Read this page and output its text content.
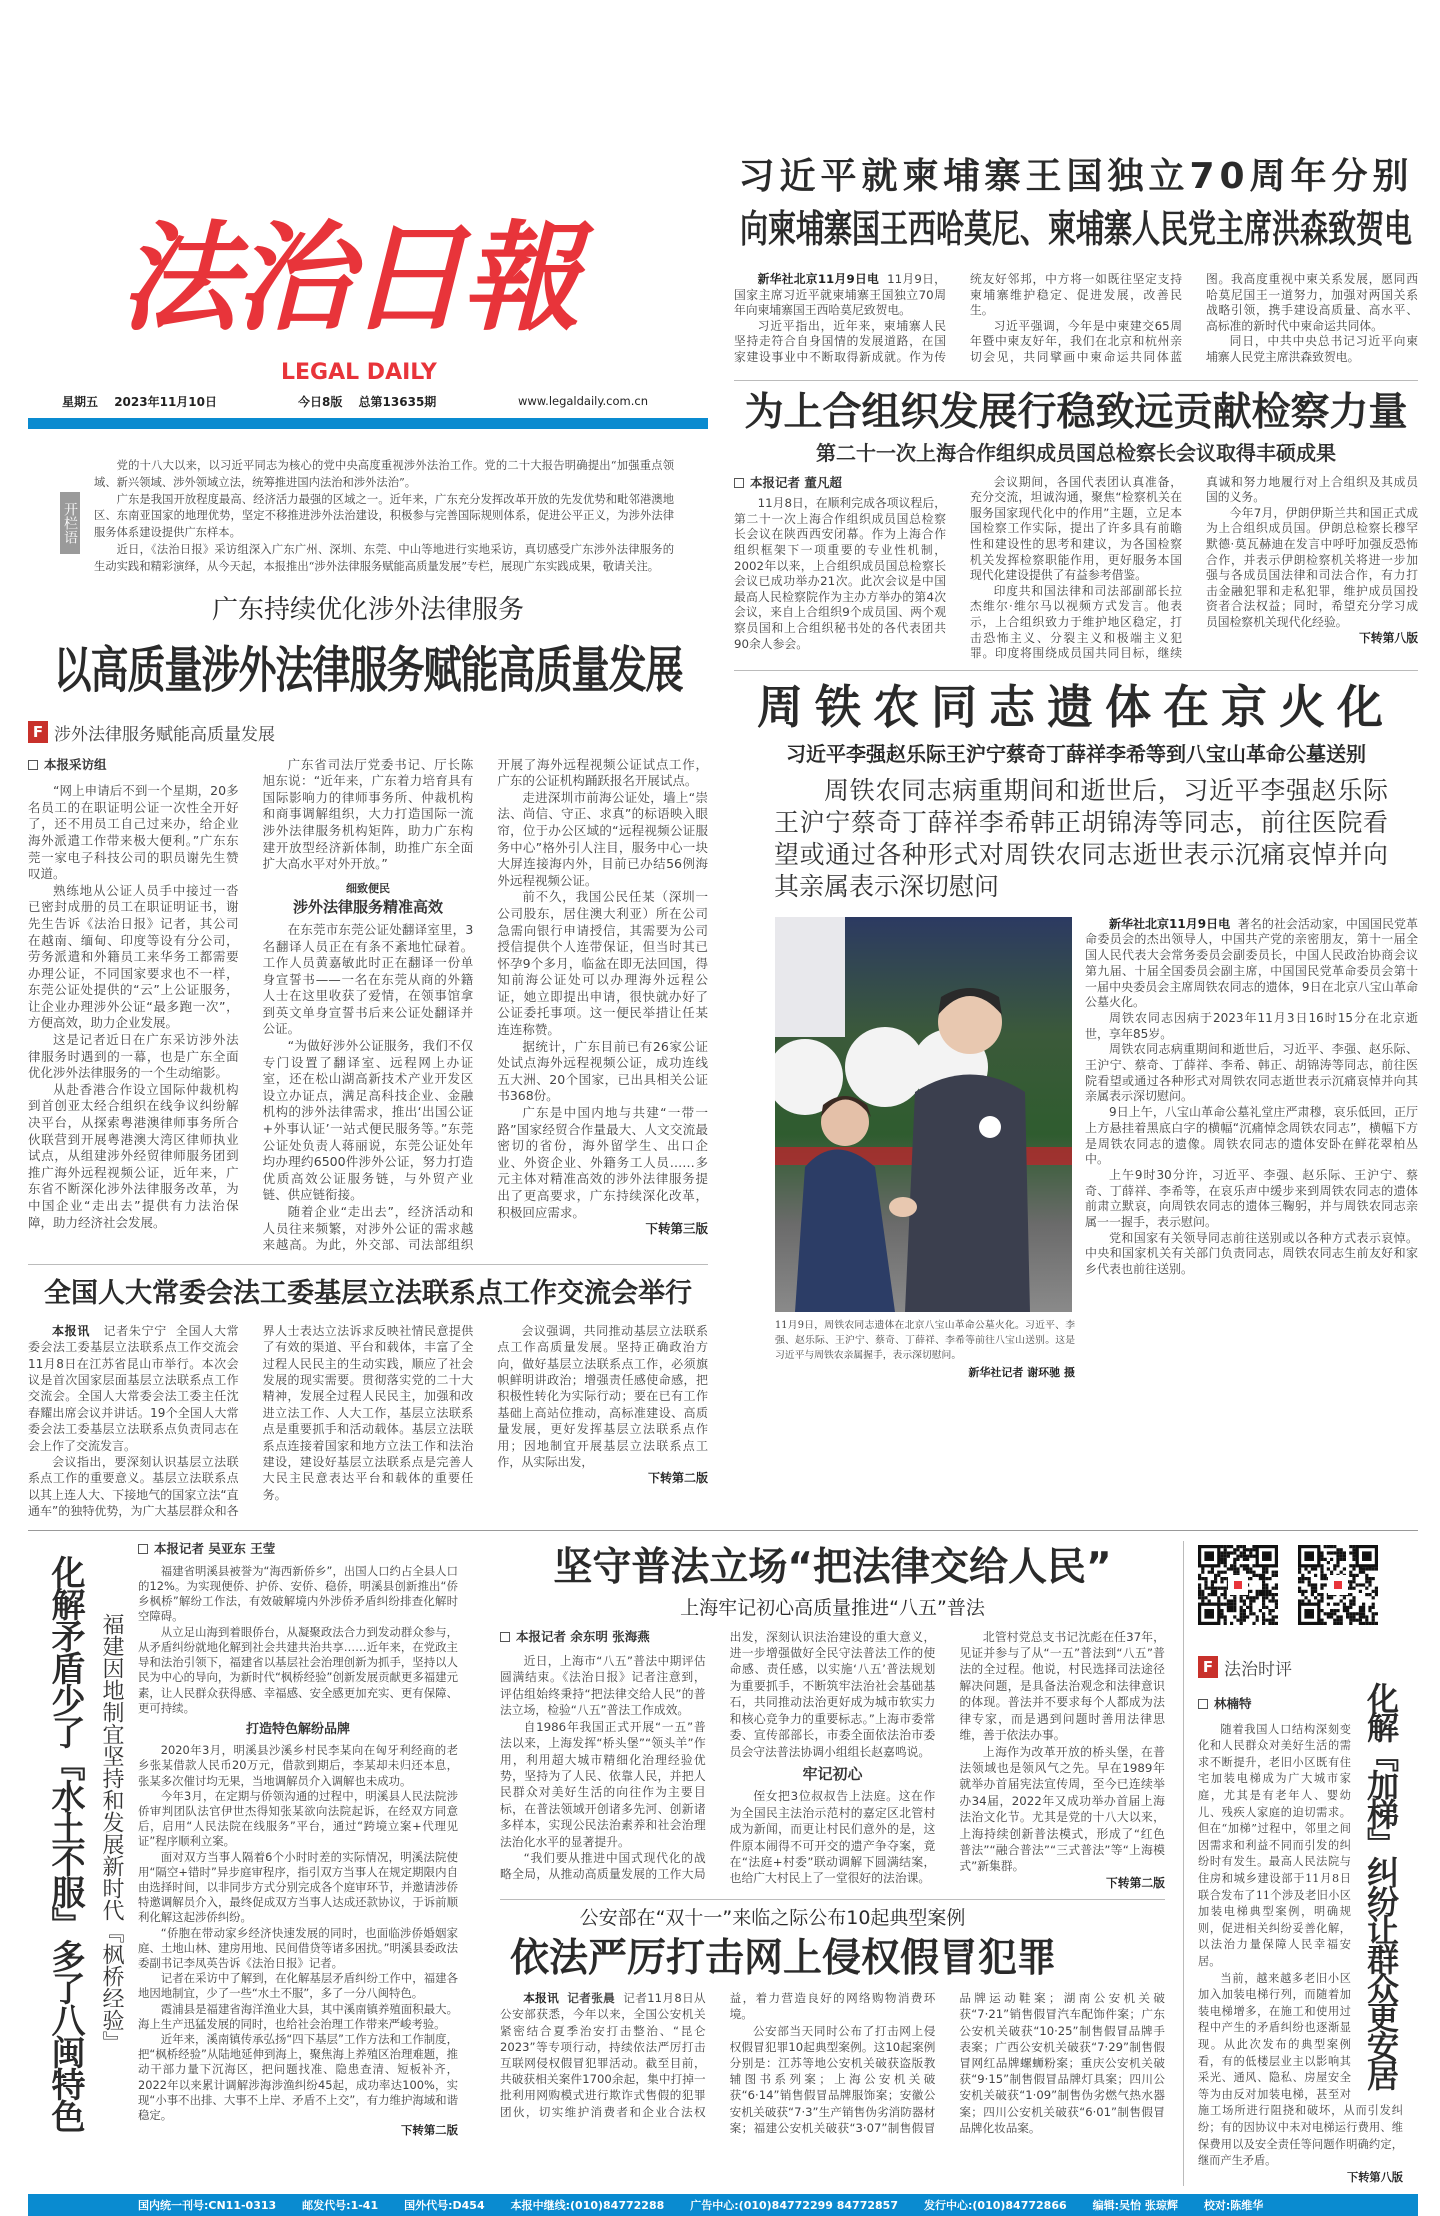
法治日報
LEGAL DAILY
星期五 2023年11月10日	今日8版 总第13635期	www.legaldaily.com.cn
开栏语

党的十八大以来，以习近平同志为核心的党中央高度重视涉外法治工作。党的二十大报告明确提出“加强重点领域、新兴领域、涉外领域立法，统筹推进国内法治和涉外法治”。

广东是我国开放程度最高、经济活力最强的区域之一。近年来，广东充分发挥改革开放的先发优势和毗邻港澳地区、东南亚国家的地理优势，坚定不移推进涉外法治建设，积极参与完善国际规则体系，促进公平正义，为涉外法律服务体系建设提供广东样本。

近日，《法治日报》采访组深入广东广州、深圳、东莞、中山等地进行实地采访，真切感受广东涉外法律服务的生动实践和精彩演绎，从今天起，本报推出“涉外法律服务赋能高质量发展”专栏，展现广东实践成果，敬请关注。

广东持续优化涉外法律服务
以高质量涉外法律服务赋能高质量发展
F 涉外法律服务赋能高质量发展
本报采访组

“网上申请后不到一个星期，20多名员工的在职证明公证一次性全开好了，还不用员工自己过来办，给企业海外派遣工作带来极大便利。”广东东莞一家电子科技公司的职员谢先生赞叹道。

熟练地从公证人员手中接过一沓已密封成册的员工在职证明证书，谢先生告诉《法治日报》记者，其公司在越南、缅甸、印度等设有分公司，劳务派遣和外籍员工来华务工都需要办理公证，不同国家要求也不一样，东莞公证处提供的“云”上公证服务，让企业办理涉外公证“最多跑一次”，方便高效，助力企业发展。

这是记者近日在广东采访涉外法律服务时遇到的一幕，也是广东全面优化涉外法律服务的一个生动缩影。

从赴香港合作设立国际仲裁机构到首创亚太经合组织在线争议纠纷解决平台，从探索粤港澳律师事务所合伙联营到开展粤港澳大湾区律师执业试点，从组建涉外经贸律师服务团到推广海外远程视频公证，近年来，广东省不断深化涉外法律服务改革，为中国企业“走出去”提供有力法治保障，助力经济社会发展。

广东省司法厅党委书记、厅长陈旭东说：“近年来，广东着力培育具有国际影响力的律师事务所、仲裁机构和商事调解组织，大力打造国际一流涉外法律服务机构矩阵，助力广东构建开放型经济新体制，助推广东全面扩大高水平对外开放。”

细致便民
涉外法律服务精准高效

在东莞市东莞公证处翻译室里，3名翻译人员正在有条不紊地忙碌着。工作人员黄嘉敏此时正在翻译一份单身宣誓书——一名在东莞从商的外籍人士在这里收获了爱情，在领事馆拿到英文单身宣誓书后来公证处翻译并公证。

“为做好涉外公证服务，我们不仅专门设置了翻译室、远程网上办证室，还在松山湖高新技术产业开发区设立办证点，满足高科技企业、金融机构的涉外法律需求，推出‘出国公证+外事认证’一站式便民服务等。”东莞公证处负责人蒋丽说，东莞公证处年均办理约6500件涉外公证，努力打造优质高效公证服务链，与外贸产业链、供应链衔接。

随着企业“走出去”，经济活动和人员往来频繁，对涉外公证的需求越来越高。为此，外交部、司法部组织开展了海外远程视频公证试点工作，广东的公证机构踊跃报名开展试点。

走进深圳市前海公证处，墙上“崇法、尚信、守正、求真”的标语映入眼帘，位于办公区域的“远程视频公证服务中心”格外引人注目，服务中心一块大屏连接海内外，目前已办结56例海外远程视频公证。

前不久，我国公民任某（深圳一公司股东，居住澳大利亚）所在公司急需向银行申请授信，其需要为公司授信提供个人连带保证，但当时其已怀孕9个多月，临盆在即无法回国，得知前海公证处可以办理海外远程公证，她立即提出申请，很快就办好了公证委托事项。这一便民举措让任某连连称赞。

据统计，广东目前已有26家公证处试点海外远程视频公证，成功连线五大洲、20个国家，已出具相关公证书368份。

广东是中国内地与共建“一带一路”国家经贸合作量最大、人文交流最密切的省份，海外留学生、出口企业、外资企业、外籍务工人员……多元主体对精准高效的涉外法律服务提出了更高要求，广东持续深化改革，积极回应需求。

下转第三版

全国人大常委会法工委基层立法联系点工作交流会举行

本报讯 记者朱宁宁 全国人大常委会法工委基层立法联系点工作交流会11月8日在江苏省昆山市举行。本次会议是首次国家层面基层立法联系点工作交流会。全国人大常委会法工委主任沈春耀出席会议并讲话。19个全国人大常委会法工委基层立法联系点负责同志在会上作了交流发言。

会议指出，要深刻认识基层立法联系点工作的重要意义。基层立法联系点以其上连人大、下接地气的国家立法“直通车”的独特优势，为广大基层群众和各界人士表达立法诉求反映社情民意提供了有效的渠道、平台和载体，丰富了全过程人民民主的生动实践，顺应了社会发展的现实需要。贯彻落实党的二十大精神，发展全过程人民民主，加强和改进立法工作、人大工作，基层立法联系点是重要抓手和活动载体。基层立法联系点连接着国家和地方立法工作和法治建设，建设好基层立法联系点是完善人大民主民意表达平台和载体的重要任务。

会议强调，共同推动基层立法联系点工作高质量发展。坚持正确政治方向，做好基层立法联系点工作，必须旗帜鲜明讲政治；增强责任感使命感，把积极性转化为实际行动；要在已有工作基础上高站位推动，高标准建设、高质量发展，更好发挥基层立法联系点作用；因地制宜开展基层立法联系点工作，从实际出发，

下转第二版

习近平就柬埔寨王国独立70周年分别
向柬埔寨国王西哈莫尼、柬埔寨人民党主席洪森致贺电

新华社北京11月9日电 11月9日，国家主席习近平就柬埔寨王国独立70周年向柬埔寨国王西哈莫尼致贺电。

习近平指出，近年来，柬埔寨人民坚持走符合自身国情的发展道路，在国家建设事业中不断取得新成就。作为传统友好邻邦，中方将一如既往坚定支持柬埔寨维护稳定、促进发展，改善民生。

习近平强调，今年是中柬建交65周年暨中柬友好年，我们在北京和杭州亲切会见，共同擘画中柬命运共同体蓝图。我高度重视中柬关系发展，愿同西哈莫尼国王一道努力，加强对两国关系战略引领，携手建设高质量、高水平、高标准的新时代中柬命运共同体。

同日，中共中央总书记习近平向柬埔寨人民党主席洪森致贺电。

为上合组织发展行稳致远贡献检察力量
第二十一次上海合作组织成员国总检察长会议取得丰硕成果
本报记者 董凡超

11月8日，在顺利完成各项议程后，第二十一次上海合作组织成员国总检察长会议在陕西西安闭幕。作为上海合作组织框架下一项重要的专业性机制，2002年以来，上合组织成员国总检察长会议已成功举办21次。此次会议是中国最高人民检察院作为主办方举办的第4次会议，来自上合组织9个成员国、两个观察员国和上合组织秘书处的各代表团共90余人参会。

会议期间，各国代表团认真准备，充分交流，坦诚沟通，聚焦“检察机关在服务国家现代化中的作用”主题，立足本国检察工作实际，提出了许多具有前瞻性和建设性的思考和建议，为各国检察机关发挥检察职能作用，更好服务本国现代化建设提供了有益参考借鉴。

印度共和国法律和司法部副部长拉杰维尔·维尔马以视频方式发言。他表示，上合组织致力于维护地区稳定，打击恐怖主义、分裂主义和极端主义犯罪。印度将围绕成员国共同目标，继续真诚和努力地履行对上合组织及其成员国的义务。

今年7月，伊朗伊斯兰共和国正式成为上合组织成员国。伊朗总检察长穆罕默德·莫瓦赫迪在发言中呼吁加强反恐怖合作，并表示伊朗检察机关将进一步加强与各成员国法律和司法合作，有力打击金融犯罪和走私犯罪，维护成员国投资者合法权益；同时，希望充分学习成员国检察机关现代化经验。

下转第八版

周铁农同志遗体在京火化
习近平李强赵乐际王沪宁蔡奇丁薛祥李希等到八宝山革命公墓送别
周铁农同志病重期间和逝世后，习近平李强赵乐际王沪宁蔡奇丁薛祥李希韩正胡锦涛等同志，前往医院看望或通过各种形式对周铁农同志逝世表示沉痛哀悼并向其亲属表示深切慰问

11月9日，周铁农同志遗体在北京八宝山革命公墓火化。习近平、李强、赵乐际、王沪宁、蔡奇、丁薛祥、李希等前往八宝山送别。这是习近平与周铁农亲属握手，表示深切慰问。

新华社记者 谢环驰 摄

新华社北京11月9日电 著名的社会活动家，中国国民党革命委员会的杰出领导人，中国共产党的亲密朋友，第十一届全国人民代表大会常务委员会副委员长，中国人民政治协商会议第九届、十届全国委员会副主席，中国国民党革命委员会第十一届中央委员会主席周铁农同志的遗体，9日在北京八宝山革命公墓火化。

周铁农同志因病于2023年11月3日16时15分在北京逝世，享年85岁。

周铁农同志病重期间和逝世后，习近平、李强、赵乐际、王沪宁、蔡奇、丁薛祥、李希、韩正、胡锦涛等同志，前往医院看望或通过各种形式对周铁农同志逝世表示沉痛哀悼并向其亲属表示深切慰问。

9日上午，八宝山革命公墓礼堂庄严肃穆，哀乐低回，正厅上方悬挂着黑底白字的横幅“沉痛悼念周铁农同志”，横幅下方是周铁农同志的遗像。周铁农同志的遗体安卧在鲜花翠柏丛中。

上午9时30分许，习近平、李强、赵乐际、王沪宁、蔡奇、丁薛祥、李希等，在哀乐声中缓步来到周铁农同志的遗体前肃立默哀，向周铁农同志的遗体三鞠躬，并与周铁农同志亲属一一握手，表示慰问。

党和国家有关领导同志前往送别或以各种方式表示哀悼。中央和国家机关有关部门负责同志，周铁农同志生前友好和家乡代表也前往送别。

化解矛盾少了『水土不服』多了八闽特色 福建因地制宜坚持和发展新时代『枫桥经验』
本报记者 吴亚东 王莹

福建省明溪县被誉为“海西新侨乡”，出国人口约占全县人口的12%。为实现便侨、护侨、安侨、稳侨，明溪县创新推出“侨乡枫桥”解纷工作法，有效破解境内外涉侨矛盾纠纷排查化解时空障碍。

从立足山海到着眼侨台，从凝聚政法合力到发动群众参与，从矛盾纠纷就地化解到社会共建共治共享……近年来，在党政主导和法治引领下，福建省以基层社会治理创新为抓手，坚持以人民为中心的导向，为新时代“枫桥经验”创新发展贡献更多福建元素，让人民群众获得感、幸福感、安全感更加充实、更有保障、更可持续。

打造特色解纷品牌

2020年3月，明溪县沙溪乡村民李某向在匈牙利经商的老乡张某借款人民币20万元，借款到期后，李某却未归还本息，张某多次催讨均无果，当地调解员介入调解也未成功。

今年3月，在定期与侨领沟通的过程中，明溪县人民法院涉侨审判团队法官伊世杰得知张某欲向法院起诉，在经双方同意后，启用“人民法院在线服务”平台，通过“跨境立案+代理见证”程序顺利立案。

面对双方当事人隔着6个小时时差的实际情况，明溪法院使用“隔空+错时”异步庭审程序，指引双方当事人在规定期限内自由选择时间，以非同步方式分别完成各个庭审环节，并邀请涉侨特邀调解员介入，最终促成双方当事人达成还款协议，于诉前顺利化解这起涉侨纠纷。

“侨胞在带动家乡经济快速发展的同时，也面临涉侨婚姻家庭、土地山林、建房用地、民间借贷等诸多困扰。”明溪县委政法委副书记李凤英告诉《法治日报》记者。

记者在采访中了解到，在化解基层矛盾纠纷工作中，福建各地因地制宜，少了一些“水土不服”，多了一分八闽特色。

霞浦县是福建省海洋渔业大县，其中溪南镇养殖面积最大。海上生产迅猛发展的同时，也给社会治理工作带来严峻考验。

近年来，溪南镇传承弘扬“四下基层”工作方法和工作制度，把“枫桥经验”从陆地延伸到海上，聚焦海上养殖区治理难题，推动干部力量下沉海区，把问题找准、隐患查清、短板补齐，2022年以来累计调解涉海涉渔纠纷45起，成功率达100%，实现“小事不出排、大事不上岸、矛盾不上交”，有力维护海域和谐稳定。

下转第二版

坚守普法立场“把法律交给人民”
上海牢记初心高质量推进“八五”普法
本报记者 余东明 张海燕

近日，上海市“八五”普法中期评估圆满结束。《法治日报》记者注意到，评估组始终秉持“把法律交给人民”的普法立场，检验“八五”普法工作成效。

自1986年我国正式开展“一五”普法以来，上海发挥“桥头堡”“领头羊”作用，利用超大城市精细化治理经验优势，坚持为了人民、依靠人民，并把人民群众对美好生活的向往作为主要目标，在普法领域开创诸多先河、创新诸多样本，实现公民法治素养和社会治理法治化水平的显著提升。

“我们要从推进中国式现代化的战略全局，从推动高质量发展的工作大局出发，深刻认识法治建设的重大意义，进一步增强做好全民守法普法工作的使命感、责任感，以实施‘八五’普法规划为重要抓手，不断筑牢法治社会基础基石，共同推动法治更好成为城市软实力和核心竞争力的重要标志。”上海市委常委、宣传部部长，市委全面依法治市委员会守法普法协调小组组长赵嘉鸣说。

牢记初心

侄女把3位叔叔告上法庭。这在作为全国民主法治示范村的嘉定区北管村成为新闻，而更让村民们意外的是，这件原本闹得不可开交的遗产争夺案，竟在“法庭+村委”联动调解下圆满结案，也给广大村民上了一堂很好的法治课。

北管村党总支书记沈彪在任37年，见证并参与了从“一五”普法到“八五”普法的全过程。他说，村民选择司法途径解决问题，是具备法治观念和法律意识的体现。普法并不要求每个人都成为法律专家，而是遇到问题时善用法律思维，善于依法办事。

上海作为改革开放的桥头堡，在普法领域也是领风气之先。早在1989年就举办首届宪法宣传周，至今已连续举办34届，2022年又成功举办首届上海法治文化节。尤其是党的十八大以来，上海持续创新普法模式，形成了“红色普法”“融合普法”“三式普法”等“上海模式”新集群。

下转第二版

公安部在“双十一”来临之际公布10起典型案例
依法严厉打击网上侵权假冒犯罪

本报讯 记者张晨 记者11月8日从公安部获悉，今年以来，全国公安机关紧密结合夏季治安打击整治、“昆仑2023”等专项行动，持续依法严厉打击互联网侵权假冒犯罪活动。截至目前，共破获相关案件1700余起，集中打掉一批利用网购模式进行欺诈式售假的犯罪团伙，切实维护消费者和企业合法权益，着力营造良好的网络购物消费环境。

公安部当天同时公布了打击网上侵权假冒犯罪10起典型案例。这10起案例分别是：江苏等地公安机关破获盗版教辅图书系列案；上海公安机关破获“6·14”销售假冒品牌服饰案；安徽公安机关破获“7·3”生产销售伪劣消防器材案；福建公安机关破获“3·07”制售假冒品牌运动鞋案；湖南公安机关破获“7·21”销售假冒汽车配饰件案；广东公安机关破获“10·25”制售假冒品牌手表案；广西公安机关破获“7·29”制售假冒网红品牌螺蛳粉案；重庆公安机关破获“9·15”制售假冒品牌灯具案；四川公安机关破获“1·09”制售伪劣燃气热水器案；四川公安机关破获“6·01”制售假冒品牌化妆品案。

F 法治时评
林楠特	化解『加梯』纠纷让群众更安居

随着我国人口结构深刻变化和人民群众对美好生活的需求不断提升，老旧小区既有住宅加装电梯成为广大城市家庭，尤其是有老年人、婴幼儿、残疾人家庭的迫切需求。但在“加梯”过程中，邻里之间因需求和利益不同而引发的纠纷时有发生。最高人民法院与住房和城乡建设部于11月8日联合发布了11个涉及老旧小区加装电梯典型案例，明确规则，促进相关纠纷妥善化解，以法治力量保障人民幸福安居。

当前，越来越多老旧小区加入加装电梯行列，而随着加装电梯增多，在施工和使用过程中产生的矛盾纠纷也逐渐显现。从此次发布的典型案例看，有的低楼层业主以影响其采光、通风、隐私、房屋安全等为由反对加装电梯，甚至对施工场所进行阻挠和破坏，从而引发纠纷；有的因协议中未对电梯运行费用、维保费用以及安全责任等问题作明确约定，继而产生矛盾。

下转第八版

国内统一刊号:CN11-0313 邮发代号:1-41 国外代号:D454 本报中继线:(010)84772288 广告中心:(010)84772299 84772857 发行中心:(010)84772866 编辑:吴怡 张琼辉 校对:陈维华
